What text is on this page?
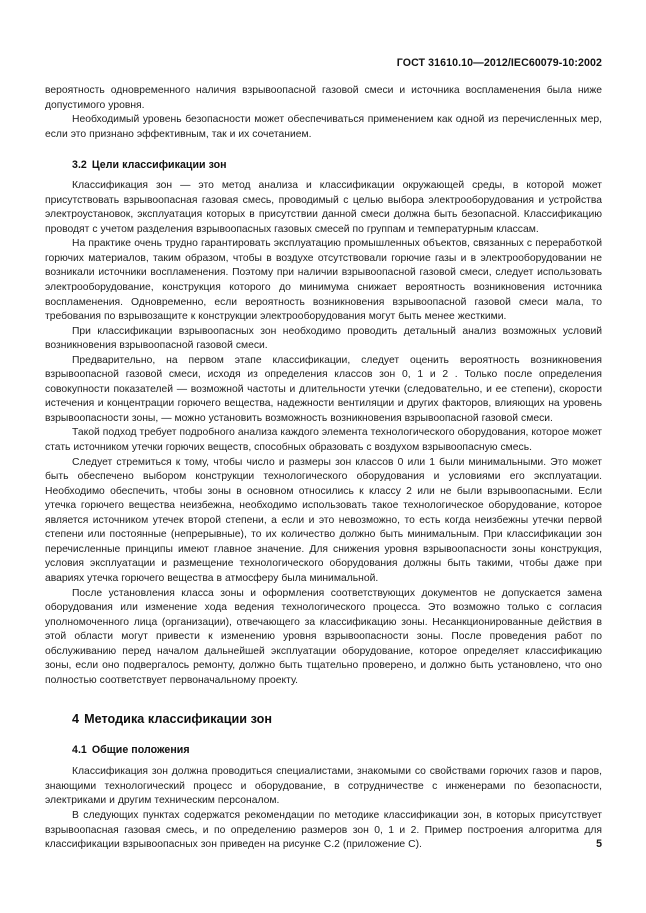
ГОСТ 31610.10—2012/IEC60079-10:2002

вероятность одновременного наличия взрывоопасной газовой смеси и источника воспламенения была ниже допустимого уровня.

Необходимый уровень безопасности может обеспечиваться применением как одной из перечисленных мер, если это признано эффективным, так и их сочетанием.

3.2 Цели классификации зон

Классификация зон — это метод анализа и классификации окружающей среды, в которой может присутствовать взрывоопасная газовая смесь, проводимый с целью выбора электрооборудования и устройства электроустановок, эксплуатация которых в присутствии данной смеси должна быть безопасной. Классификацию проводят с учетом разделения взрывоопасных газовых смесей по группам и температурным классам.

На практике очень трудно гарантировать эксплуатацию промышленных объектов, связанных с переработкой горючих материалов, таким образом, чтобы в воздухе отсутствовали горючие газы и в электрооборудовании не возникали источники воспламенения. Поэтому при наличии взрывоопасной газовой смеси, следует использовать электрооборудование, конструкция которого до минимума снижает вероятность возникновения источника воспламенения. Одновременно, если вероятность возникновения взрывоопасной газовой смеси мала, то требования по взрывозащите к конструкции электрооборудования могут быть менее жесткими.

При классификации взрывоопасных зон необходимо проводить детальный анализ возможных условий возникновения взрывоопасной газовой смеси.

Предварительно, на первом этапе классификации, следует оценить вероятность возникновения взрывоопасной газовой смеси, исходя из определения классов зон 0, 1 и 2 . Только после определения совокупности показателей — возможной частоты и длительности утечки (следовательно, и ее степени), скорости истечения и концентрации горючего вещества, надежности вентиляции и других факторов, влияющих на уровень взрывоопасности зоны, — можно установить возможность возникновения взрывоопасной газовой смеси.

Такой подход требует подробного анализа каждого элемента технологического оборудования, которое может стать источником утечки горючих веществ, способных образовать с воздухом взрывоопасную смесь.

Следует стремиться к тому, чтобы число и размеры зон классов 0 или 1 были минимальными. Это может быть обеспечено выбором конструкции технологического оборудования и условиями его эксплуатации. Необходимо обеспечить, чтобы зоны в основном относились к классу 2 или не были взрывоопасными. Если утечка горючего вещества неизбежна, необходимо использовать такое технологическое оборудование, которое является источником утечек второй степени, а если и это невозможно, то есть когда неизбежны утечки первой степени или постоянные (непрерывные), то их количество должно быть минимальным. При классификации зон перечисленные принципы имеют главное значение. Для снижения уровня взрывоопасности зоны конструкция, условия эксплуатации и размещение технологического оборудования должны быть такими, чтобы даже при авариях утечка горючего вещества в атмосферу была минимальной.

После установления класса зоны и оформления соответствующих документов не допускается замена оборудования или изменение хода ведения технологического процесса. Это возможно только с согласия уполномоченного лица (организации), отвечающего за классификацию зоны. Несанкционированные действия в этой области могут привести к изменению уровня взрывоопасности зоны. После проведения работ по обслуживанию перед началом дальнейшей эксплуатации оборудование, которое определяет классификацию зоны, если оно подвергалось ремонту, должно быть тщательно проверено, и должно быть установлено, что оно полностью соответствует первоначальному проекту.

4 Методика классификации зон
4.1 Общие положения

Классификация зон должна проводиться специалистами, знакомыми со свойствами горючих газов и паров, знающими технологический процесс и оборудование, в сотрудничестве с инженерами по безопасности, электриками и другим техническим персоналом.

В следующих пунктах содержатся рекомендации по методике классификации зон, в которых присутствует взрывоопасная газовая смесь, и по определению размеров зон 0, 1 и 2. Пример построения алгоритма для классификации взрывоопасных зон приведен на рисунке С.2 (приложение С).	5
